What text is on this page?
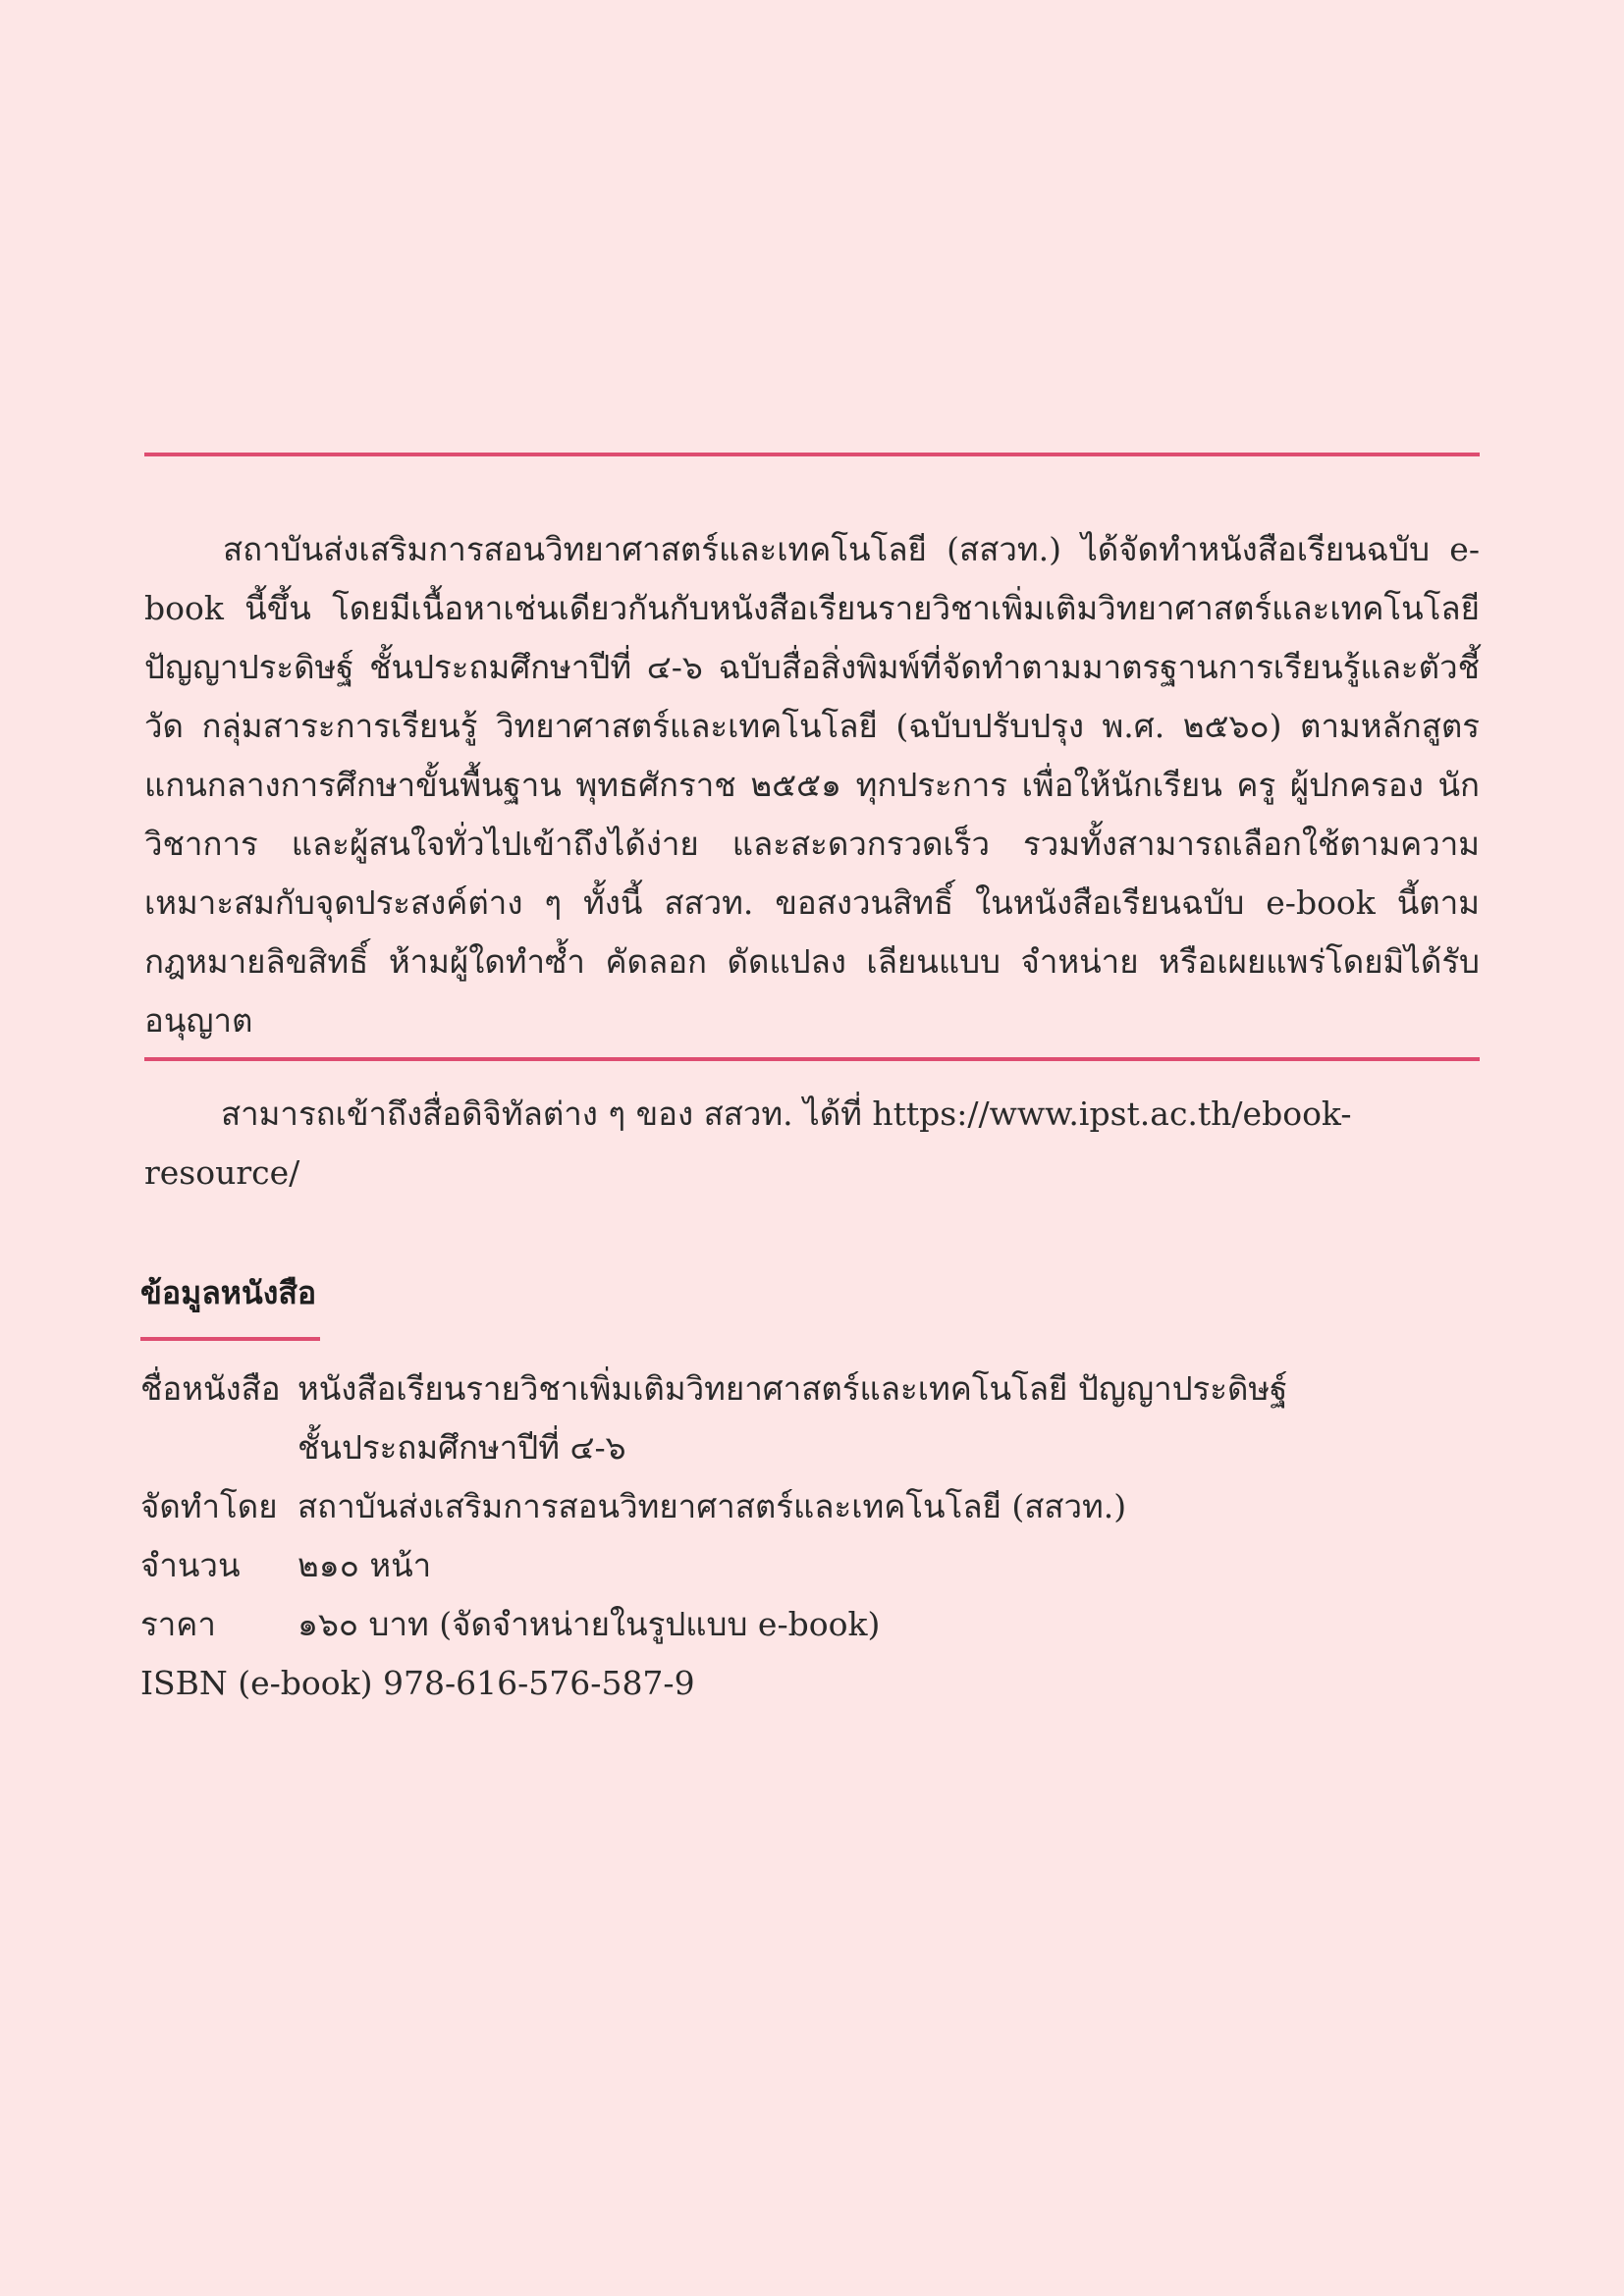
สถาบันส่งเสริมการสอนวิทยาศาสตร์และเทคโนโลยี (สสวท.) ได้จัดทำหนังสือเรียนฉบับ e-book นี้ขึ้น โดยมีเนื้อหาเช่นเดียวกันกับหนังสือเรียนรายวิชาเพิ่มเติมวิทยาศาสตร์และเทคโนโลยี ปัญญาประดิษฐ์ ชั้นประถมศึกษาปีที่ ๔-๖ ฉบับสื่อสิ่งพิมพ์ที่จัดทำตามมาตรฐานการเรียนรู้และตัวชี้วัด กลุ่มสาระการเรียนรู้ วิทยาศาสตร์และเทคโนโลยี (ฉบับปรับปรุง พ.ศ. ๒๕๖๐) ตามหลักสูตรแกนกลางการศึกษาขั้นพื้นฐาน พุทธศักราช ๒๕๕๑ ทุกประการ เพื่อให้นักเรียน ครู ผู้ปกครอง นักวิชาการ และผู้สนใจทั่วไปเข้าถึงได้ง่าย และสะดวกรวดเร็ว รวมทั้งสามารถเลือกใช้ตามความเหมาะสมกับจุดประสงค์ต่าง ๆ ทั้งนี้ สสวท. ขอสงวนสิทธิ์ ในหนังสือเรียนฉบับ e-book นี้ตามกฎหมายลิขสิทธิ์ ห้ามผู้ใดทำซ้ำ คัดลอก ดัดแปลง เลียนแบบ จำหน่าย หรือเผยแพร่โดยมิได้รับอนุญาต

สามารถเข้าถึงสื่อดิจิทัลต่าง ๆ ของ สสวท. ได้ที่ https://www.ipst.ac.th/ebook-resource/

ข้อมูลหนังสือ
ชื่อหนังสือ หนังสือเรียนรายวิชาเพิ่มเติมวิทยาศาสตร์และเทคโนโลยี ปัญญาประดิษฐ์
ชั้นประถมศึกษาปีที่ ๔-๖
จัดทำโดย สถาบันส่งเสริมการสอนวิทยาศาสตร์และเทคโนโลยี (สสวท.)
จำนวน	๒๑๐ หน้า
ราคา	๑๖๐ บาท (จัดจำหน่ายในรูปแบบ e-book)
ISBN (e-book) 978-616-576-587-9
